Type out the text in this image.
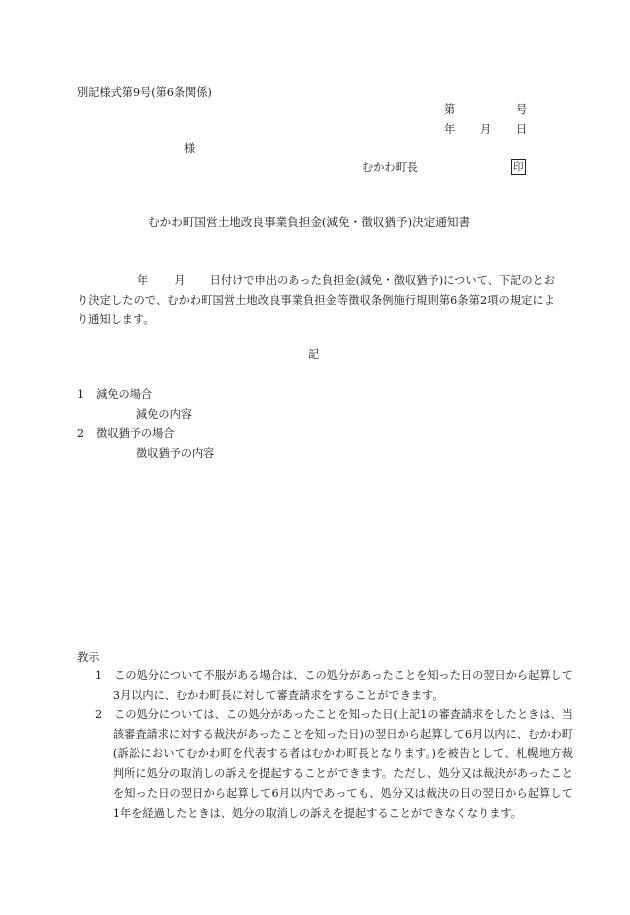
別記様式第9号(第6条関係)
第	号
年 月 日
様
むかわ町長	印
むかわ町国営土地改良事業負担金(減免・徴収猶予)決定通知書
年 月 日付けで申出のあった負担金(減免・徴収猶予)について、下記のとおり決定したので、むかわ町国営土地改良事業負担金等徴収条例施行規則第6条第2項の規定により通知します。
記
1 減免の場合
減免の内容
2 徴収猶予の場合
徴収猶予の内容
教示
1 この処分について不服がある場合は、この処分があったことを知った日の翌日から起算して3月以内に、むかわ町長に対して審査請求をすることができます。
2 この処分については、この処分があったことを知った日(上記1の審査請求をしたときは、当該審査請求に対する裁決があったことを知った日)の翌日から起算して6月以内に、むかわ町(訴訟においてむかわ町を代表する者はむかわ町長となります。)を被告として、札幌地方裁判所に処分の取消しの訴えを提起することができます。ただし、処分又は裁決があったことを知った日の翌日から起算して6月以内であっても、処分又は裁決の日の翌日から起算して1年を経過したときは、処分の取消しの訴えを提起することができなくなります。
